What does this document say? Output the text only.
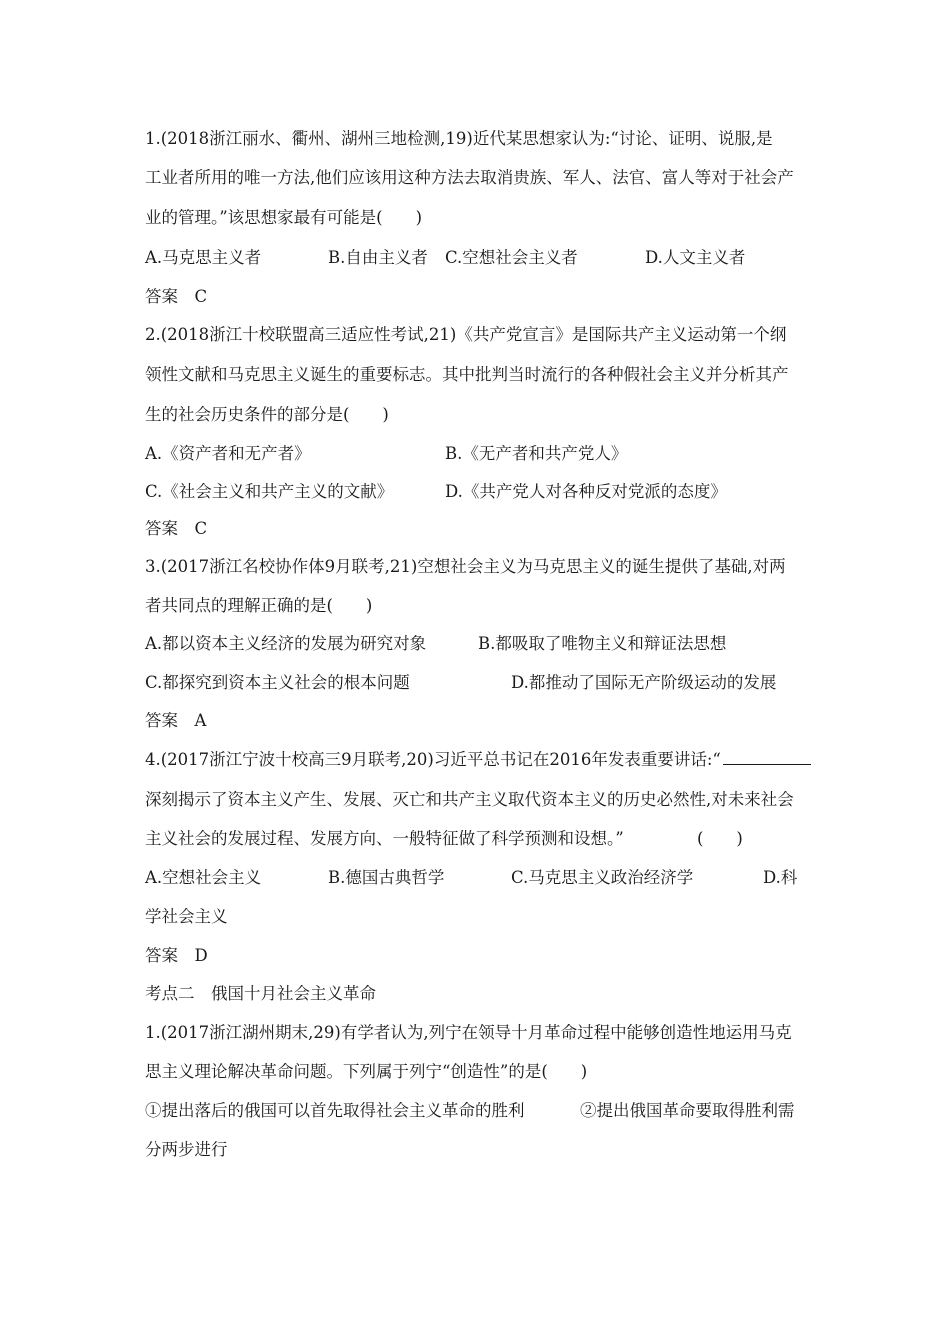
1.(2018浙江丽水、衢州、湖州三地检测,19)近代某思想家认为:“讨论、证明、说服,是
工业者所用的唯一方法,他们应该用这种方法去取消贵族、军人、法官、富人等对于社会产
业的管理。”该思想家最有可能是(　　)
A.马克思主义者	B.自由主义者 C.空想社会主义者	D.人文主义者
答案　C
2.(2018浙江十校联盟高三适应性考试,21)《共产党宣言》是国际共产主义运动第一个纲
领性文献和马克思主义诞生的重要标志。其中批判当时流行的各种假社会主义并分析其产
生的社会历史条件的部分是(　　)
A.《资产者和无产者》	B.《无产者和共产党人》
C.《社会主义和共产主义的文献》	D.《共产党人对各种反对党派的态度》
答案　C
3.(2017浙江名校协作体9月联考,21)空想社会主义为马克思主义的诞生提供了基础,对两
者共同点的理解正确的是(　　)
A.都以资本主义经济的发展为研究对象	B.都吸取了唯物主义和辩证法思想
C.都探究到资本主义社会的根本问题	D.都推动了国际无产阶级运动的发展
答案　A
4.(2017浙江宁波十校高三9月联考,20)习近平总书记在2016年发表重要讲话:“
深刻揭示了资本主义产生、发展、灭亡和共产主义取代资本主义的历史必然性,对未来社会
主义社会的发展过程、发展方向、一般特征做了科学预测和设想。”	(　　)
A.空想社会主义	B.德国古典哲学	C.马克思主义政治经济学	D.科
学社会主义
答案　D
考点二　俄国十月社会主义革命
1.(2017浙江湖州期末,29)有学者认为,列宁在领导十月革命过程中能够创造性地运用马克
思主义理论解决革命问题。下列属于列宁“创造性”的是(　　)
①提出落后的俄国可以首先取得社会主义革命的胜利	②提出俄国革命要取得胜利需
分两步进行
